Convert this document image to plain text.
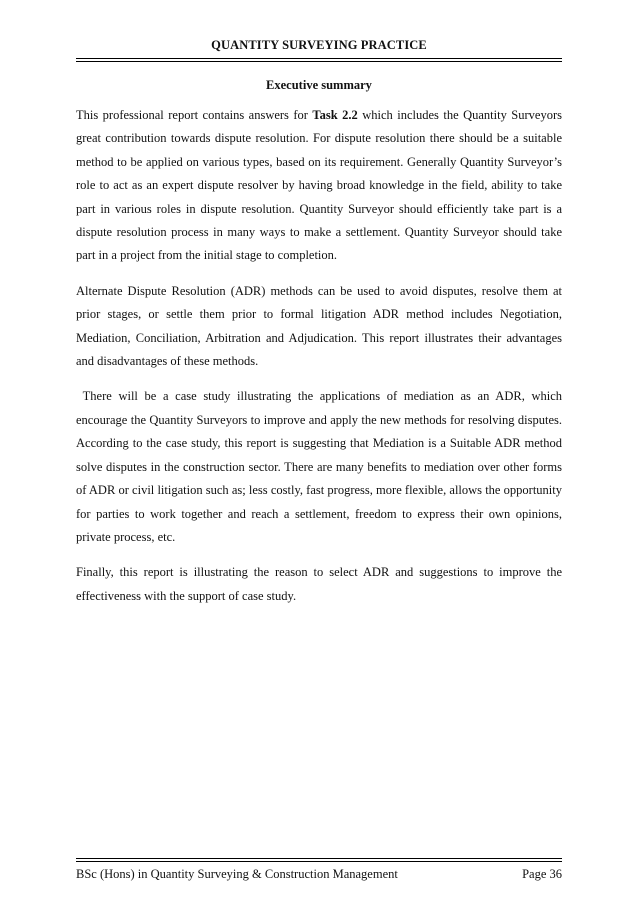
QUANTITY SURVEYING PRACTICE
Executive summary

This professional report contains answers for Task 2.2 which includes the Quantity Surveyors great contribution towards dispute resolution. For dispute resolution there should be a suitable method to be applied on various types, based on its requirement. Generally Quantity Surveyor’s role to act as an expert dispute resolver by having broad knowledge in the field, ability to take part in various roles in dispute resolution. Quantity Surveyor should efficiently take part is a dispute resolution process in many ways to make a settlement. Quantity Surveyor should take part in a project from the initial stage to completion.

Alternate Dispute Resolution (ADR) methods can be used to avoid disputes, resolve them at prior stages, or settle them prior to formal litigation ADR method includes Negotiation, Mediation, Conciliation, Arbitration and Adjudication. This report illustrates their advantages and disadvantages of these methods.

There will be a case study illustrating the applications of mediation as an ADR, which encourage the Quantity Surveyors to improve and apply the new methods for resolving disputes. According to the case study, this report is suggesting that Mediation is a Suitable ADR method solve disputes in the construction sector. There are many benefits to mediation over other forms of ADR or civil litigation such as; less costly, fast progress, more flexible, allows the opportunity for parties to work together and reach a settlement, freedom to express their own opinions, private process, etc.

Finally, this report is illustrating the reason to select ADR and suggestions to improve the effectiveness with the support of case study.

BSc (Hons) in Quantity Surveying & Construction Management	Page 36
